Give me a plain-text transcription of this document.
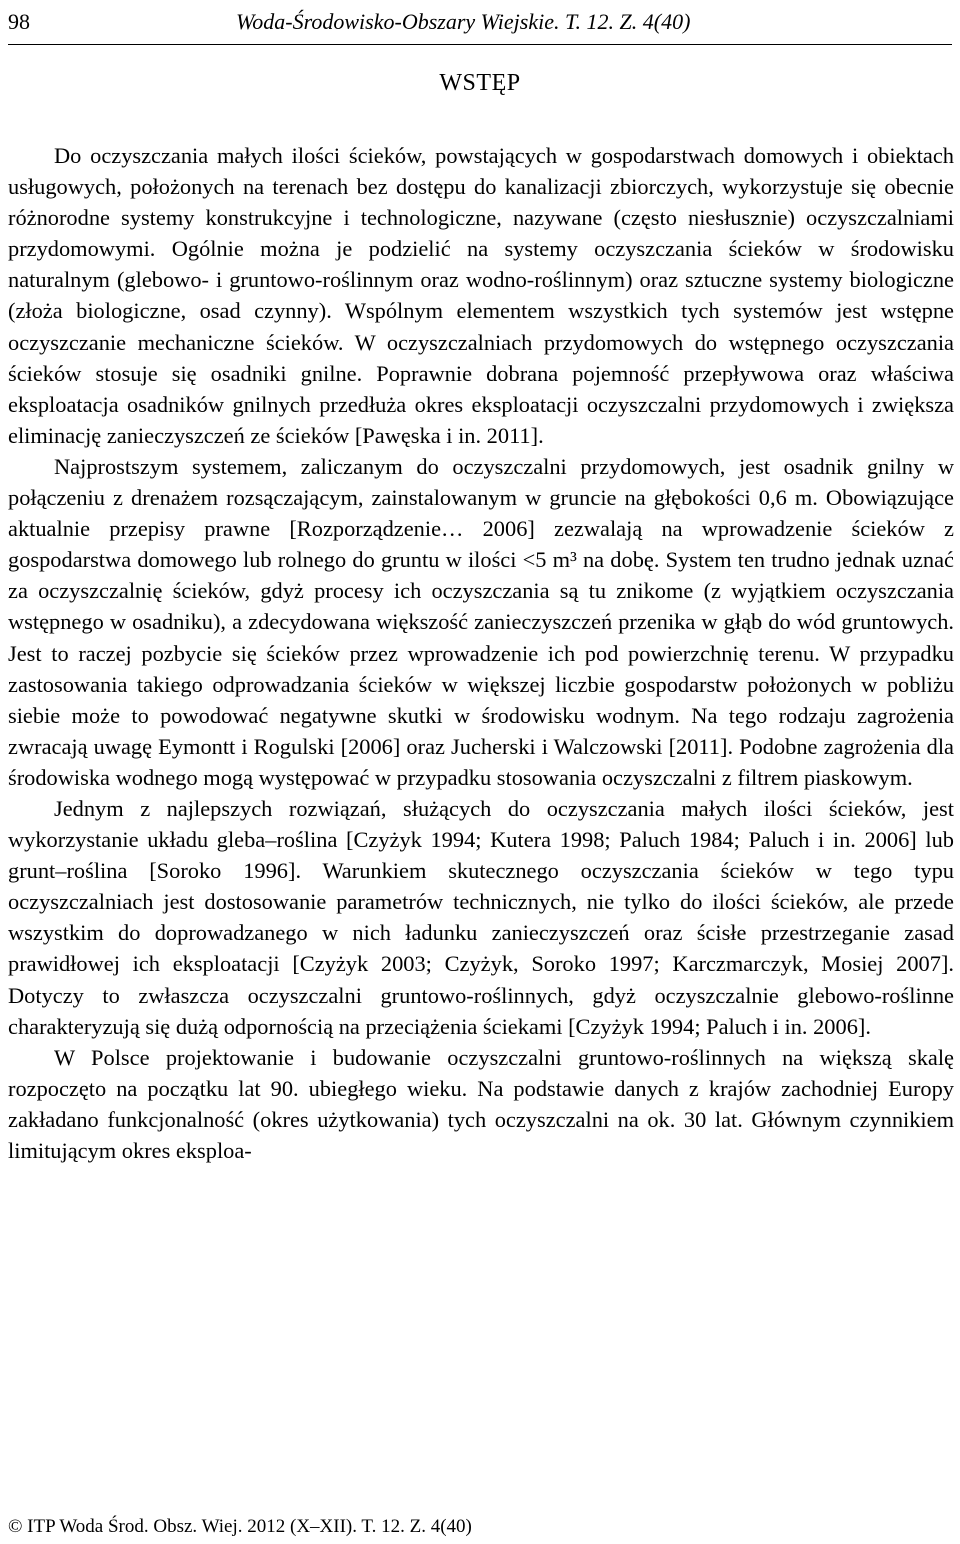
98	Woda-Środowisko-Obszary Wiejskie. T. 12. Z. 4(40)
WSTĘP

Do oczyszczania małych ilości ścieków, powstających w gospodarstwach domowych i obiektach usługowych, położonych na terenach bez dostępu do kanalizacji zbiorczych, wykorzystuje się obecnie różnorodne systemy konstrukcyjne i technologiczne, nazywane (często niesłusznie) oczyszczalniami przydomowymi. Ogólnie można je podzielić na systemy oczyszczania ścieków w środowisku naturalnym (glebowo- i gruntowo-roślinnym oraz wodno-roślinnym) oraz sztuczne systemy biologiczne (złoża biologiczne, osad czynny). Wspólnym elementem wszystkich tych systemów jest wstępne oczyszczanie mechaniczne ścieków. W oczyszczalniach przydomowych do wstępnego oczyszczania ścieków stosuje się osadniki gnilne. Poprawnie dobrana pojemność przepływowa oraz właściwa eksploatacja osadników gnilnych przedłuża okres eksploatacji oczyszczalni przydomowych i zwiększa eliminację zanieczyszczeń ze ścieków [Pawęska i in. 2011].

Najprostszym systemem, zaliczanym do oczyszczalni przydomowych, jest osadnik gnilny w połączeniu z drenażem rozsączającym, zainstalowanym w gruncie na głębokości 0,6 m. Obowiązujące aktualnie przepisy prawne [Rozporządzenie… 2006] zezwalają na wprowadzenie ścieków z gospodarstwa domowego lub rolnego do gruntu w ilości <5 m³ na dobę. System ten trudno jednak uznać za oczyszczalnię ścieków, gdyż procesy ich oczyszczania są tu znikome (z wyjątkiem oczyszczania wstępnego w osadniku), a zdecydowana większość zanieczyszczeń przenika w głąb do wód gruntowych. Jest to raczej pozbycie się ścieków przez wprowadzenie ich pod powierzchnię terenu. W przypadku zastosowania takiego odprowadzania ścieków w większej liczbie gospodarstw położonych w pobliżu siebie może to powodować negatywne skutki w środowisku wodnym. Na tego rodzaju zagrożenia zwracają uwagę Eymontt i Rogulski [2006] oraz Jucherski i Walczowski [2011]. Podobne zagrożenia dla środowiska wodnego mogą występować w przypadku stosowania oczyszczalni z filtrem piaskowym.

Jednym z najlepszych rozwiązań, służących do oczyszczania małych ilości ścieków, jest wykorzystanie układu gleba–roślina [Czyżyk 1994; Kutera 1998; Paluch 1984; Paluch i in. 2006] lub grunt–roślina [Soroko 1996]. Warunkiem skutecznego oczyszczania ścieków w tego typu oczyszczalniach jest dostosowanie parametrów technicznych, nie tylko do ilości ścieków, ale przede wszystkim do doprowadzanego w nich ładunku zanieczyszczeń oraz ścisłe przestrzeganie zasad prawidłowej ich eksploatacji [Czyżyk 2003; Czyżyk, Soroko 1997; Karczmarczyk, Mosiej 2007]. Dotyczy to zwłaszcza oczyszczalni gruntowo-roślinnych, gdyż oczyszczalnie glebowo-roślinne charakteryzują się dużą odpornością na przeciążenia ściekami [Czyżyk 1994; Paluch i in. 2006].

W Polsce projektowanie i budowanie oczyszczalni gruntowo-roślinnych na większą skalę rozpoczęto na początku lat 90. ubiegłego wieku. Na podstawie danych z krajów zachodniej Europy zakładano funkcjonalność (okres użytkowania) tych oczyszczalni na ok. 30 lat. Głównym czynnikiem limitującym okres eksploa-

© ITP Woda Środ. Obsz. Wiej. 2012 (X–XII). T. 12. Z. 4(40)
